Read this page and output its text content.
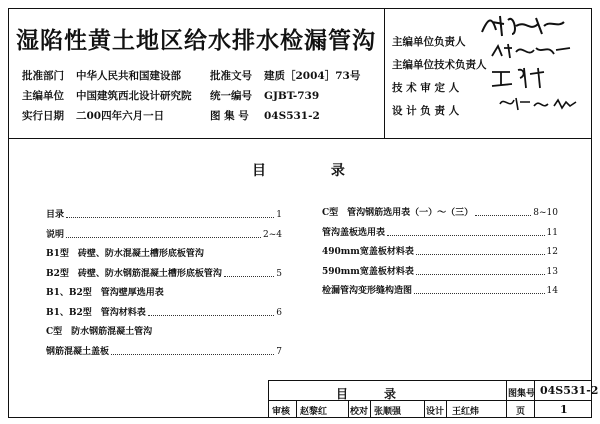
湿陷性黄土地区给水排水检漏管沟
批准部门 中华人民共和国建设部
主编单位 中国建筑西北设计研究院
实行日期 二00四年六月一日
批准文号 建质［2004］73号
统一编号 GJBT-739
图 集 号 04S531-2
主编单位负责人
主编单位技术负责人
技 术 审 定 人
设 计 负 责 人
目 录
目录	1
说明	2~4
B1型　砖壁、防水混凝土槽形底板管沟
B2型　砖壁、防水钢筋混凝土槽形底板管沟	5
B1、B2型　管沟壁厚选用表
B1、B2型　管沟材料表	6
C型　防水钢筋混凝土管沟
钢筋混凝土盖板	7
C型　管沟钢筋选用表（一）～（三）	8~10
管沟盖板选用表	11
490mm宽盖板材料表	12
590mm宽盖板材料表	13
检漏管沟变形缝构造图	14
目　　录	图集号 04S531-2
审核 赵黎红	校对 张顺强	设计 王红炜	页	1
